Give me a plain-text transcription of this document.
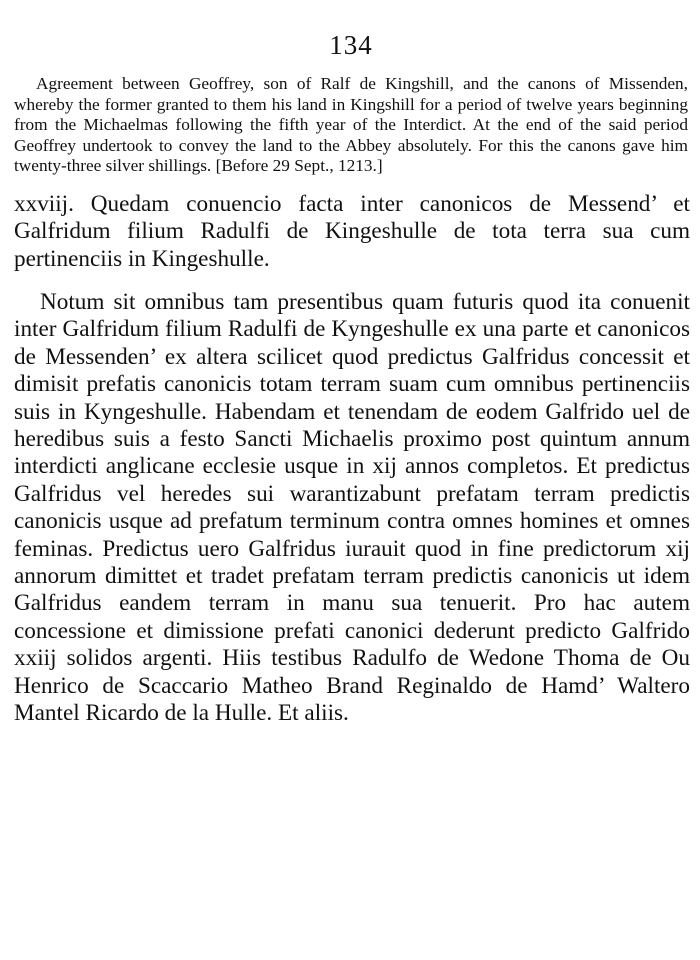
134

Agreement between Geoffrey, son of Ralf de Kingshill, and the canons of Missenden, whereby the former granted to them his land in Kingshill for a period of twelve years beginning from the Michaelmas following the fifth year of the Interdict. At the end of the said period Geoffrey undertook to convey the land to the Abbey absolutely. For this the canons gave him twenty-three silver shillings. [Before 29 Sept., 1213.]

xxviij. Quedam conuencio facta inter canonicos de Messend’ et Galfridum filium Radulfi de Kingeshulle de tota terra sua cum pertinenciis in Kingeshulle.

Notum sit omnibus tam presentibus quam futuris quod ita conuenit inter Galfridum filium Radulfi de Kyngeshulle ex una parte et canonicos de Messenden’ ex altera scilicet quod predictus Galfridus concessit et dimisit prefatis canonicis totam terram suam cum omnibus pertinenciis suis in Kyngeshulle. Habendam et tenendam de eodem Galfrido uel de heredibus suis a festo Sancti Michaelis proximo post quintum annum interdicti anglicane ecclesie usque in xij annos completos. Et predictus Galfridus vel heredes sui warantizabunt prefatam terram predictis canonicis usque ad prefatum terminum contra omnes homines et omnes feminas. Predictus uero Galfridus iurauit quod in fine predictorum xij annorum dimittet et tradet prefatam terram predictis canonicis ut idem Galfridus eandem terram in manu sua tenuerit. Pro hac autem concessione et dimissione prefati canonici dederunt predicto Galfrido xxiij solidos argenti. Hiis testibus Radulfo de Wedone Thoma de Ou Henrico de Scaccario Matheo Brand Reginaldo de Hamd’ Waltero Mantel Ricardo de la Hulle. Et aliis.
